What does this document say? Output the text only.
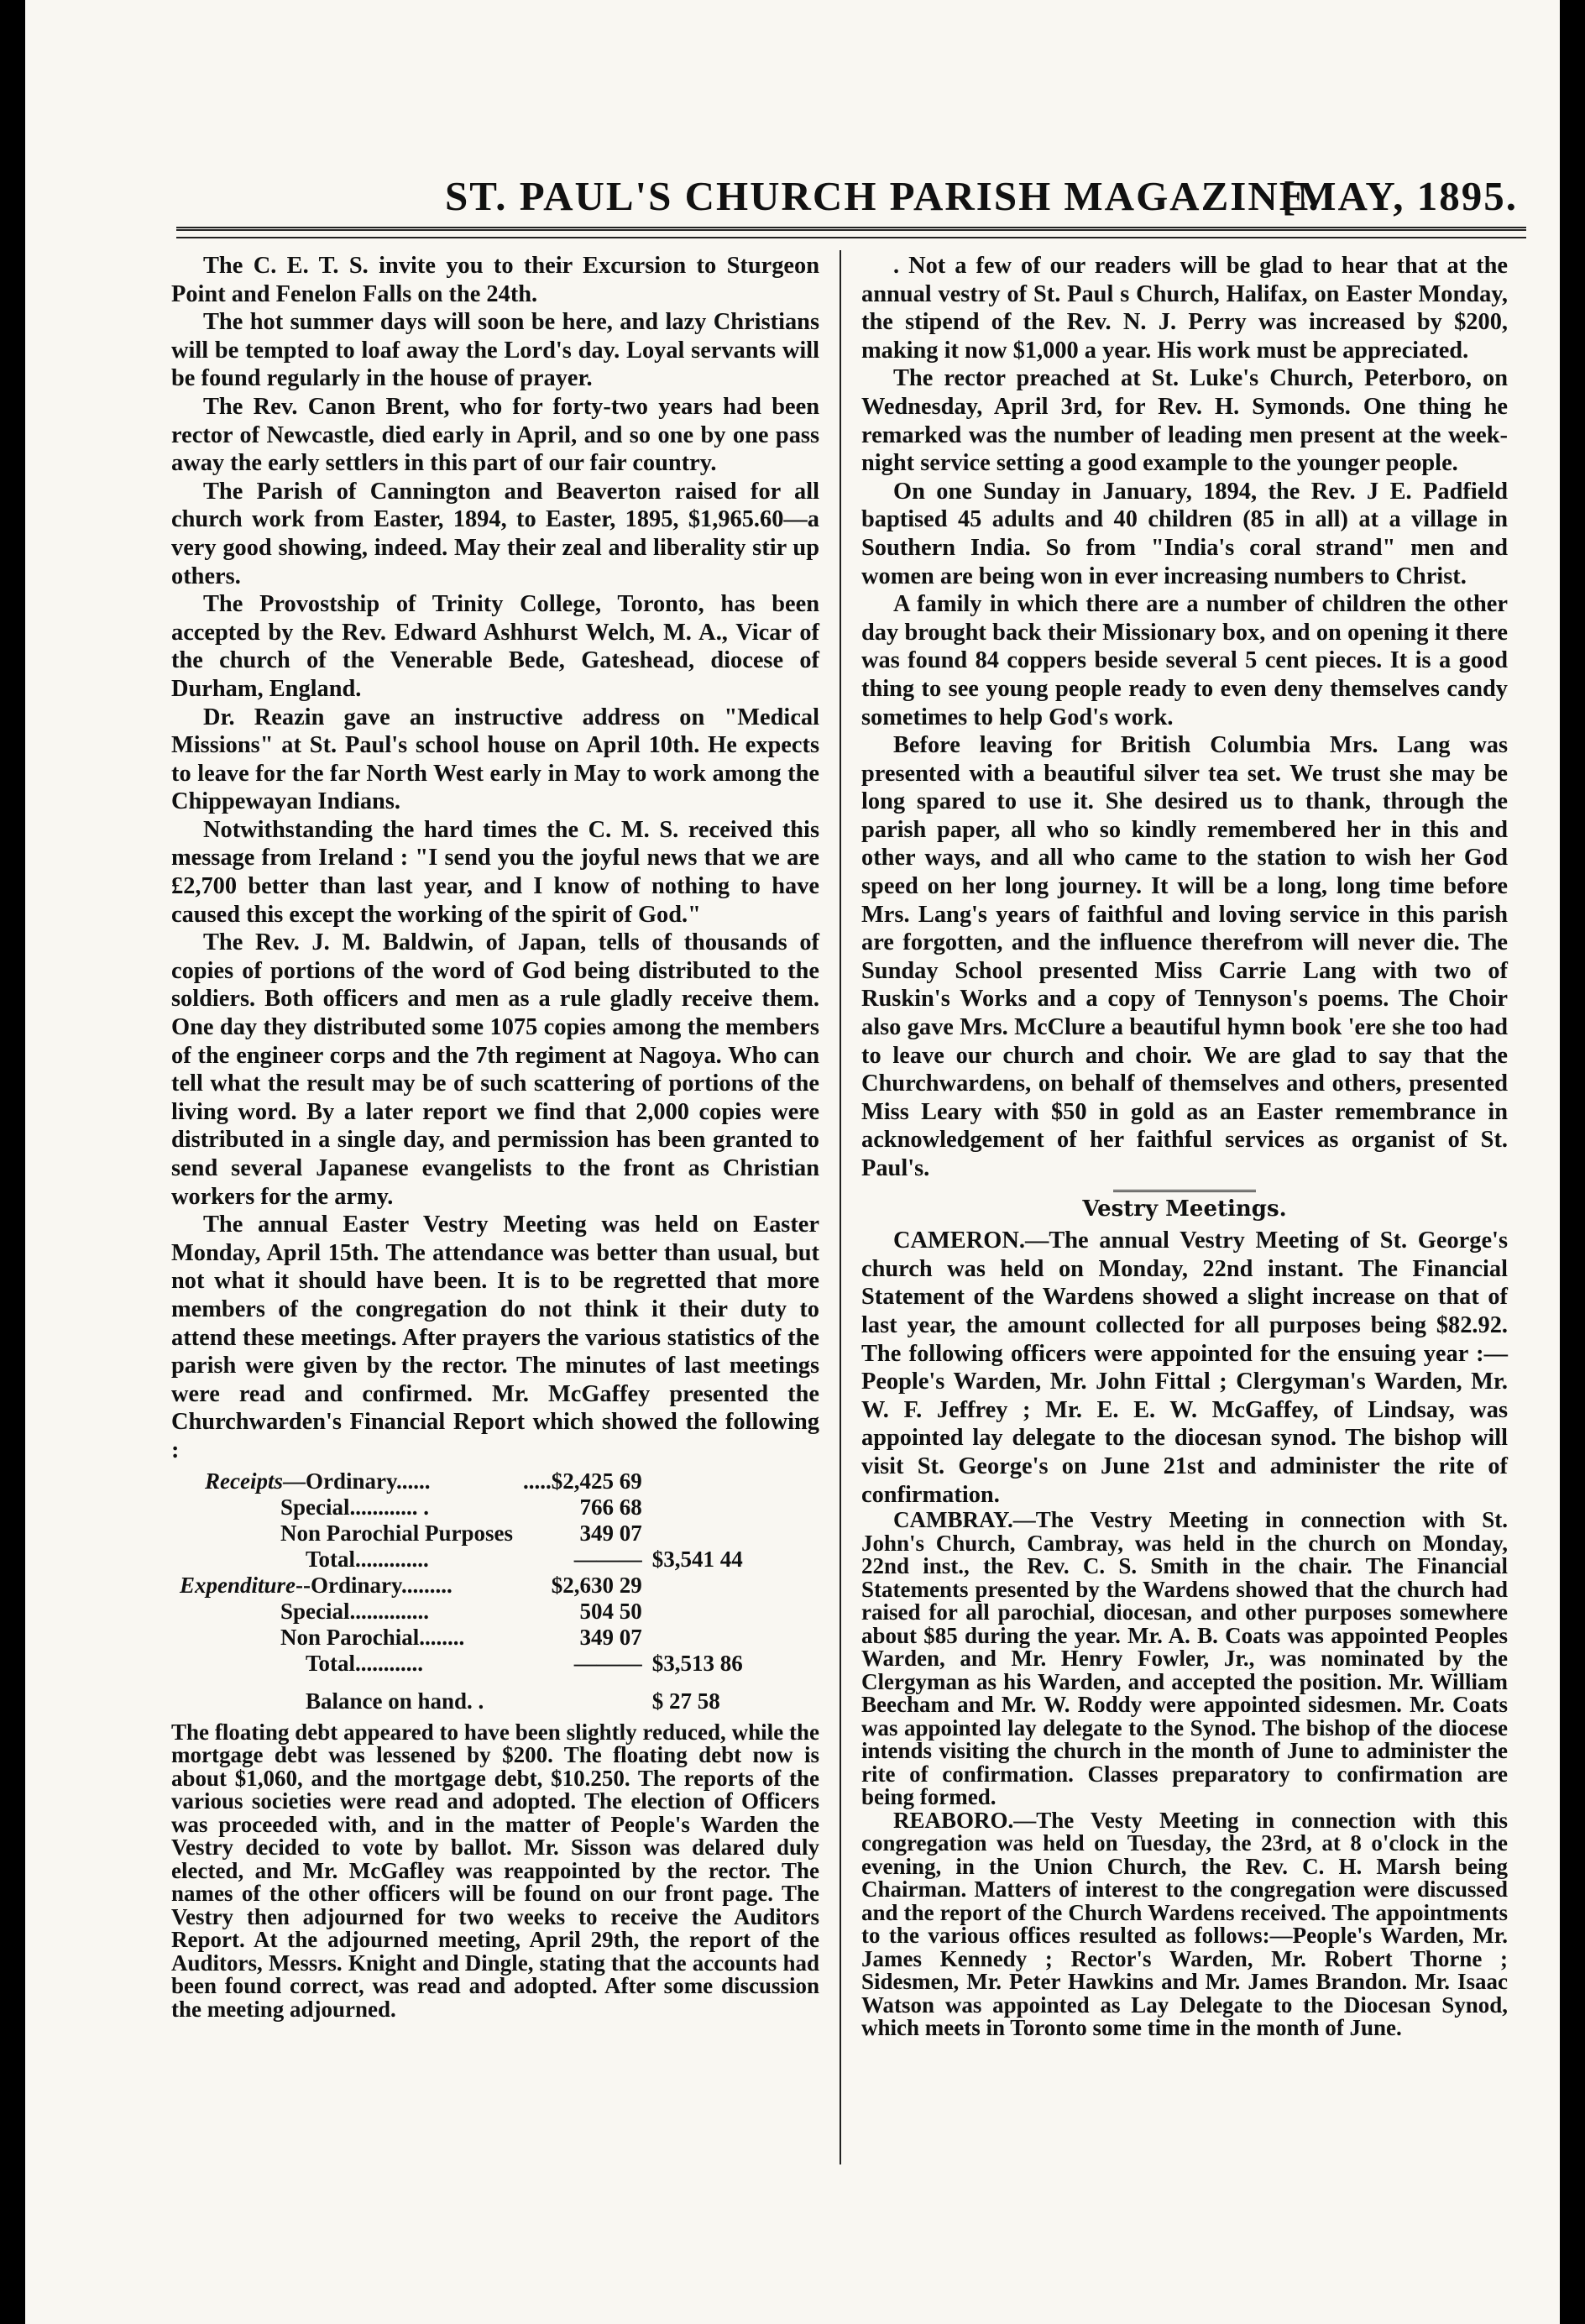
ST. PAUL'S CHURCH PARISH MAGAZINE.
[MAY, 1895.

The C. E. T. S. invite you to their Excursion to Sturgeon Point and Fenelon Falls on the 24th.

The hot summer days will soon be here, and lazy Christians will be tempted to loaf away the Lord's day. Loyal servants will be found regularly in the house of prayer.

The Rev. Canon Brent, who for forty-two years had been rector of Newcastle, died early in April, and so one by one pass away the early settlers in this part of our fair country.

The Parish of Cannington and Beaverton raised for all church work from Easter, 1894, to Easter, 1895, $1,965.60—a very good showing, indeed. May their zeal and liberality stir up others.

The Provostship of Trinity College, Toronto, has been accepted by the Rev. Edward Ashhurst Welch, M. A., Vicar of the church of the Venerable Bede, Gateshead, diocese of Durham, England.

Dr. Reazin gave an instructive address on "Medical Missions" at St. Paul's school house on April 10th. He expects to leave for the far North West early in May to work among the Chippewayan Indians.

Notwithstanding the hard times the C. M. S. received this message from Ireland : "I send you the joyful news that we are £2,700 better than last year, and I know of nothing to have caused this except the working of the spirit of God."

The Rev. J. M. Baldwin, of Japan, tells of thousands of copies of portions of the word of God being distributed to the soldiers. Both officers and men as a rule gladly receive them. One day they distributed some 1075 copies among the members of the engineer corps and the 7th regiment at Nagoya. Who can tell what the result may be of such scattering of portions of the living word. By a later report we find that 2,000 copies were distributed in a single day, and permission has been granted to send several Japanese evangelists to the front as Christian workers for the army.

The annual Easter Vestry Meeting was held on Easter Monday, April 15th. The attendance was better than usual, but not what it should have been. It is to be regretted that more members of the congregation do not think it their duty to attend these meetings. After prayers the various statistics of the parish were given by the rector. The minutes of last meetings were read and confirmed. Mr. McGaffey presented the Churchwarden's Financial Report which showed the following :

Receipts—Ordinary......	.....$2,425 69	
Special............ .	766 68	
Non Parochial Purposes	349 07	
Total.............	———	$3,541 44
Expenditure--Ordinary.........	$2,630 29	
Special..............	504 50	
Non Parochial........	349 07	
Total............	———	$3,513 86
Balance on hand. .		$ 27 58

The floating debt appeared to have been slightly reduced, while the mortgage debt was lessened by $200. The floating debt now is about $1,060, and the mortgage debt, $10.250. The reports of the various societies were read and adopted. The election of Officers was proceeded with, and in the matter of People's Warden the Vestry decided to vote by ballot. Mr. Sisson was delared duly elected, and Mr. McGafley was reappointed by the rector. The names of the other officers will be found on our front page. The Vestry then adjourned for two weeks to receive the Auditors Report. At the adjourned meeting, April 29th, the report of the Auditors, Messrs. Knight and Dingle, stating that the accounts had been found correct, was read and adopted. After some discussion the meeting adjourned.

. Not a few of our readers will be glad to hear that at the annual vestry of St. Paul s Church, Halifax, on Easter Monday, the stipend of the Rev. N. J. Perry was increased by $200, making it now $1,000 a year. His work must be appreciated.

The rector preached at St. Luke's Church, Peterboro, on Wednesday, April 3rd, for Rev. H. Symonds. One thing he remarked was the number of leading men present at the week-night service setting a good example to the younger people.

On one Sunday in January, 1894, the Rev. J E. Padfield baptised 45 adults and 40 children (85 in all) at a village in Southern India. So from "India's coral strand" men and women are being won in ever increasing numbers to Christ.

A family in which there are a number of children the other day brought back their Missionary box, and on opening it there was found 84 coppers beside several 5 cent pieces. It is a good thing to see young people ready to even deny themselves candy sometimes to help God's work.

Before leaving for British Columbia Mrs. Lang was presented with a beautiful silver tea set. We trust she may be long spared to use it. She desired us to thank, through the parish paper, all who so kindly remembered her in this and other ways, and all who came to the station to wish her God speed on her long journey. It will be a long, long time before Mrs. Lang's years of faithful and loving service in this parish are forgotten, and the influence therefrom will never die. The Sunday School presented Miss Carrie Lang with two of Ruskin's Works and a copy of Tennyson's poems. The Choir also gave Mrs. McClure a beautiful hymn book 'ere she too had to leave our church and choir. We are glad to say that the Churchwardens, on behalf of themselves and others, presented Miss Leary with $50 in gold as an Easter remembrance in acknowledgement of her faithful services as organist of St. Paul's.

Vestry Meetings.

CAMERON.—The annual Vestry Meeting of St. George's church was held on Monday, 22nd instant. The Financial Statement of the Wardens showed a slight increase on that of last year, the amount collected for all purposes being $82.92. The following officers were appointed for the ensuing year :— People's Warden, Mr. John Fittal ; Clergyman's Warden, Mr. W. F. Jeffrey ; Mr. E. E. W. McGaffey, of Lindsay, was appointed lay delegate to the diocesan synod. The bishop will visit St. George's on June 21st and administer the rite of confirmation.

CAMBRAY.—The Vestry Meeting in connection with St. John's Church, Cambray, was held in the church on Monday, 22nd inst., the Rev. C. S. Smith in the chair. The Financial Statements presented by the Wardens showed that the church had raised for all parochial, diocesan, and other purposes somewhere about $85 during the year. Mr. A. B. Coats was appointed Peoples Warden, and Mr. Henry Fowler, Jr., was nominated by the Clergyman as his Warden, and accepted the position. Mr. William Beecham and Mr. W. Roddy were appointed sidesmen. Mr. Coats was appointed lay delegate to the Synod. The bishop of the diocese intends visiting the church in the month of June to administer the rite of confirmation. Classes preparatory to confirmation are being formed.

REABORO.—The Vesty Meeting in connection with this congregation was held on Tuesday, the 23rd, at 8 o'clock in the evening, in the Union Church, the Rev. C. H. Marsh being Chairman. Matters of interest to the congregation were discussed and the report of the Church Wardens received. The appointments to the various offices resulted as follows:—People's Warden, Mr. James Kennedy ; Rector's Warden, Mr. Robert Thorne ; Sidesmen, Mr. Peter Hawkins and Mr. James Brandon. Mr. Isaac Watson was appointed as Lay Delegate to the Diocesan Synod, which meets in Toronto some time in the month of June.
